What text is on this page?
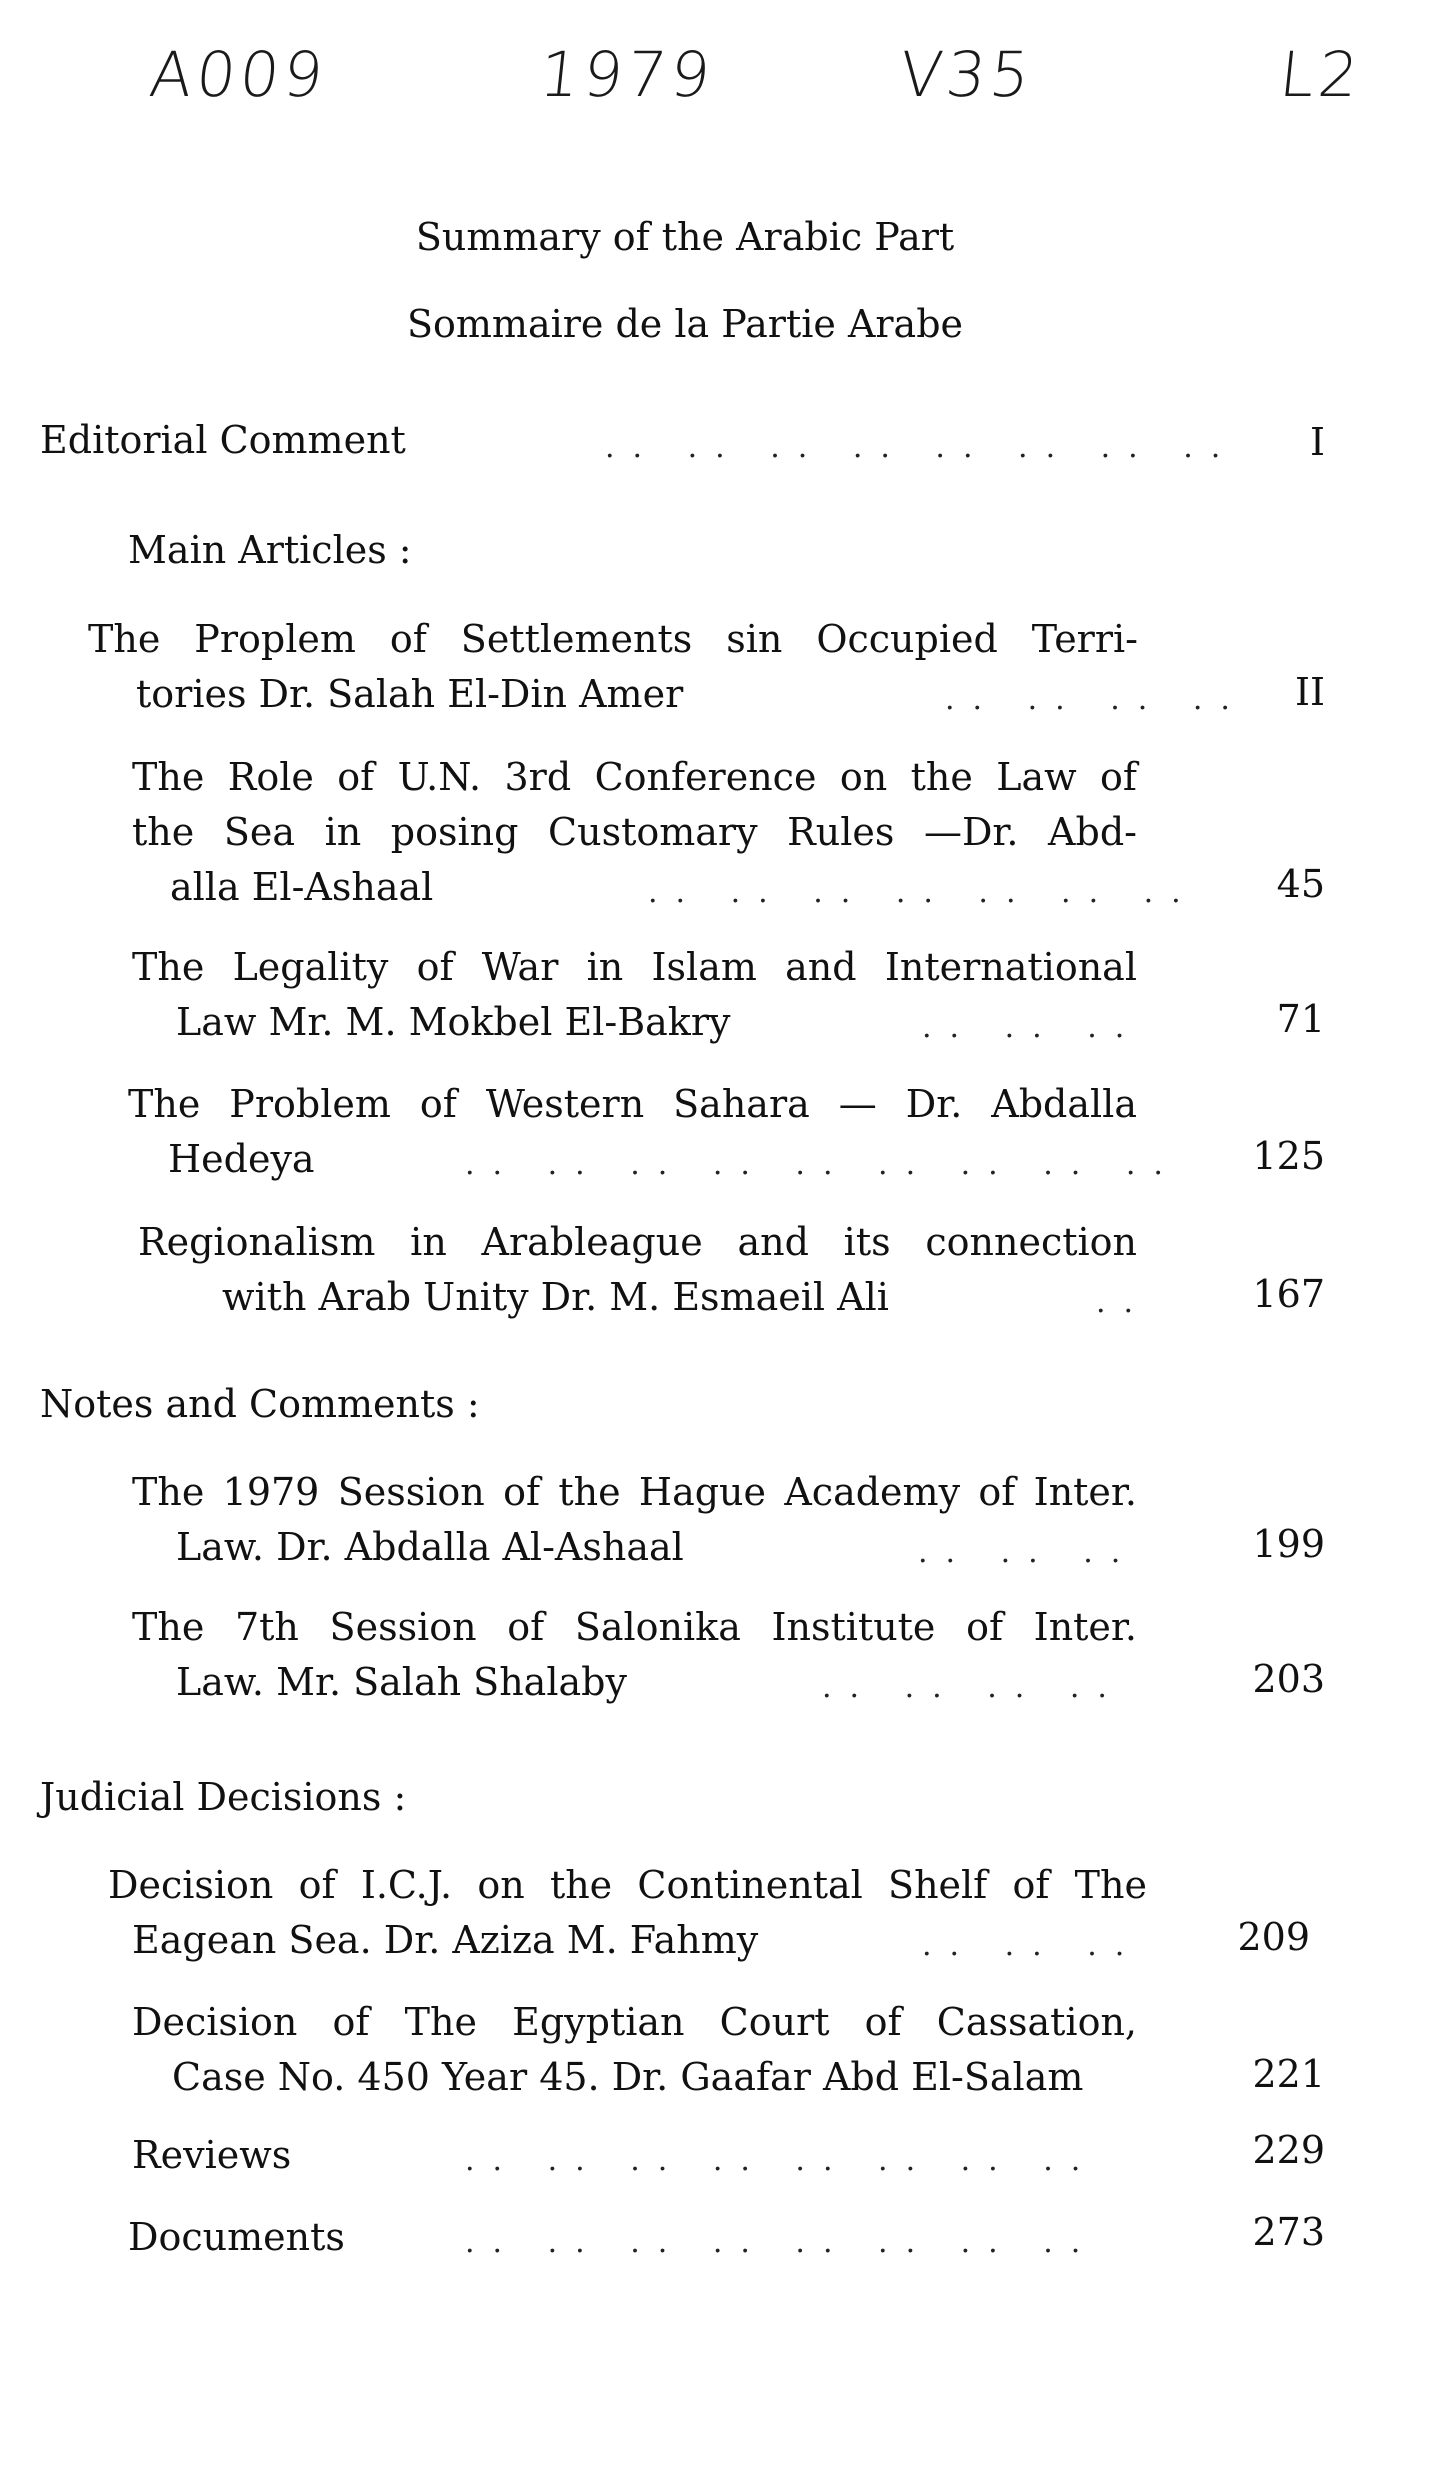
A009	1979	V35	L2
Summary of the Arabic Part
Sommaire de la Partie Arabe
Editorial Comment	.. .. .. .. .. .. .. ..	I
Main Articles :
The Proplem of Settlements sin Occupied Terri-
tories Dr. Salah El-Din Amer	.. .. .. ..	II
The Role of U.N. 3rd Conference on the Law of
the Sea in posing Customary Rules —Dr. Abd-
alla El-Ashaal	.. .. .. .. .. .. ..	45
The Legality of War in Islam and International
Law Mr. M. Mokbel El-Bakry	.. .. ..	71
The Problem of Western Sahara — Dr. Abdalla
Hedeya	.. .. .. .. .. .. .. .. ..	125
Regionalism in Arableague and its connection
with Arab Unity Dr. M. Esmaeil Ali	..	167
Notes and Comments :
The 1979 Session of the Hague Academy of Inter.
Law. Dr. Abdalla Al-Ashaal	.. .. ..	199
The 7th Session of Salonika Institute of Inter.
Law. Mr. Salah Shalaby	.. .. .. ..	203
Judicial Decisions :
Decision of I.C.J. on the Continental Shelf of The
Eagean Sea. Dr. Aziza M. Fahmy	.. .. ..	209
Decision of The Egyptian Court of Cassation,
Case No. 450 Year 45. Dr. Gaafar Abd El-Salam	221
Reviews	.. .. .. .. .. .. .. ..	229
Documents	.. .. .. .. .. .. .. ..	273
